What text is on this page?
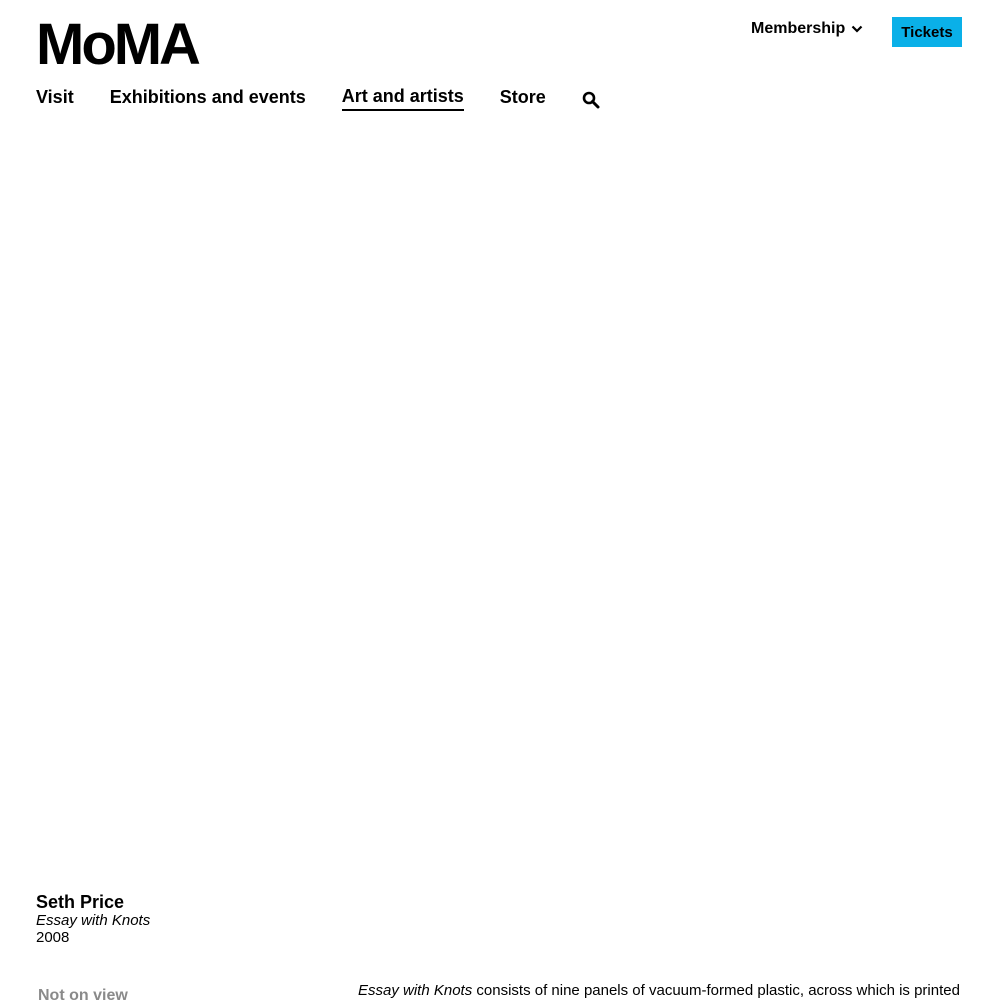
MoMA	Membership	Tickets
Visit Exhibitions and events Art and artists Store
Seth Price
Essay with Knots
2008
Not on view	Essay with Knots consists of nine panels of vacuum-formed plastic, across which is printed
